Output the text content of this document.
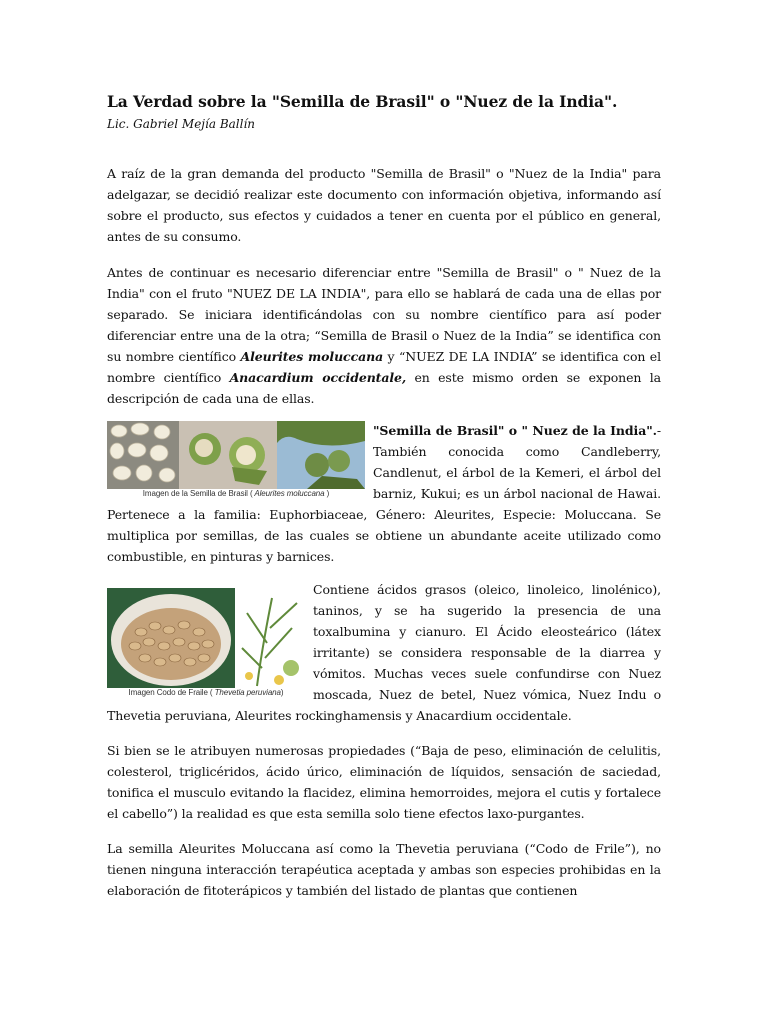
La Verdad sobre la "Semilla de Brasil" o "Nuez de la India".

Lic. Gabriel Mejía Ballín

A raíz de la gran demanda del producto "Semilla de Brasil" o "Nuez de la India" para adelgazar, se decidió realizar este documento con información objetiva, informando así sobre el producto, sus efectos y cuidados a tener en cuenta por el público en general, antes de su consumo.

Antes de continuar es necesario diferenciar entre "Semilla de Brasil" o " Nuez de la India" con el fruto "NUEZ DE LA INDIA", para ello se hablará de cada una de ellas por separado. Se iniciara identificándolas con su nombre científico para así poder diferenciar entre una de la otra; “Semilla de Brasil o Nuez de la India” se identifica con su nombre científico Aleurites moluccana y “NUEZ DE LA INDIA” se identifica con el nombre científico Anacardium occidentale, en este mismo orden se exponen la descripción de cada una de ellas.

Imagen de la Semilla de Brasil ( Aleurites moluccana )
"Semilla de Brasil" o " Nuez de la India".- También conocida como Candleberry, Candlenut, el árbol de la Kemeri, el árbol del barniz, Kukui; es un árbol nacional de Hawai. Pertenece a la familia: Euphorbiaceae, Género: Aleurites, Especie: Moluccana. Se multiplica por semillas, de las cuales se obtiene un abundante aceite utilizado como combustible, en pinturas y barnices.
Imagen Codo de Fraile ( Thevetia peruviana)
Contiene ácidos grasos (oleico, linoleico, linolénico), taninos, y se ha sugerido la presencia de una toxalbumina y cianuro. El Ácido eleosteárico (látex irritante) se considera responsable de la diarrea y vómitos. Muchas veces suele confundirse con Nuez moscada, Nuez de betel, Nuez vómica, Nuez Indu o Thevetia peruviana, Aleurites rockinghamensis y Anacardium occidentale.

Si bien se le atribuyen numerosas propiedades (“Baja de peso, eliminación de celulitis, colesterol, triglicéridos, ácido úrico, eliminación de líquidos, sensación de saciedad, tonifica el musculo evitando la flacidez, elimina hemorroides, mejora el cutis y fortalece el cabello”) la realidad es que esta semilla solo tiene efectos laxo-purgantes.

La semilla Aleurites Moluccana así como la Thevetia peruviana (“Codo de Frile”), no tienen ninguna interacción terapéutica aceptada y ambas son especies prohibidas en la elaboración de fitoterápicos y también del listado de plantas que contienen
